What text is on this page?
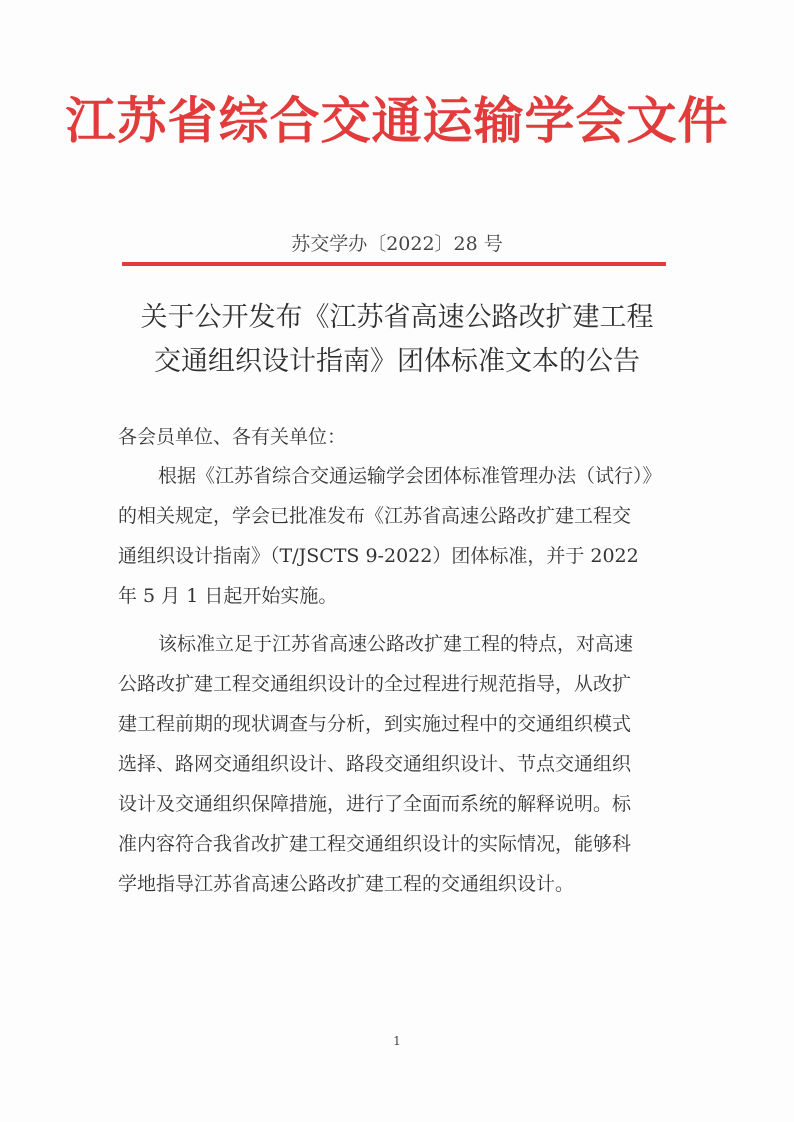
江苏省综合交通运输学会文件
苏交学办〔2022〕28 号
关于公开发布《江苏省高速公路改扩建工程
交通组织设计指南》团体标准文本的公告
各会员单位、各有关单位：
根据《江苏省综合交通运输学会团体标准管理办法（试行）》
的相关规定，学会已批准发布《江苏省高速公路改扩建工程交
通组织设计指南》（T/JSCTS 9-2022）团体标准，并于 2022
年 5 月 1 日起开始实施。
该标准立足于江苏省高速公路改扩建工程的特点，对高速
公路改扩建工程交通组织设计的全过程进行规范指导，从改扩
建工程前期的现状调查与分析，到实施过程中的交通组织模式
选择、路网交通组织设计、路段交通组织设计、节点交通组织
设计及交通组织保障措施，进行了全面而系统的解释说明。标
准内容符合我省改扩建工程交通组织设计的实际情况，能够科
学地指导江苏省高速公路改扩建工程的交通组织设计。
1
